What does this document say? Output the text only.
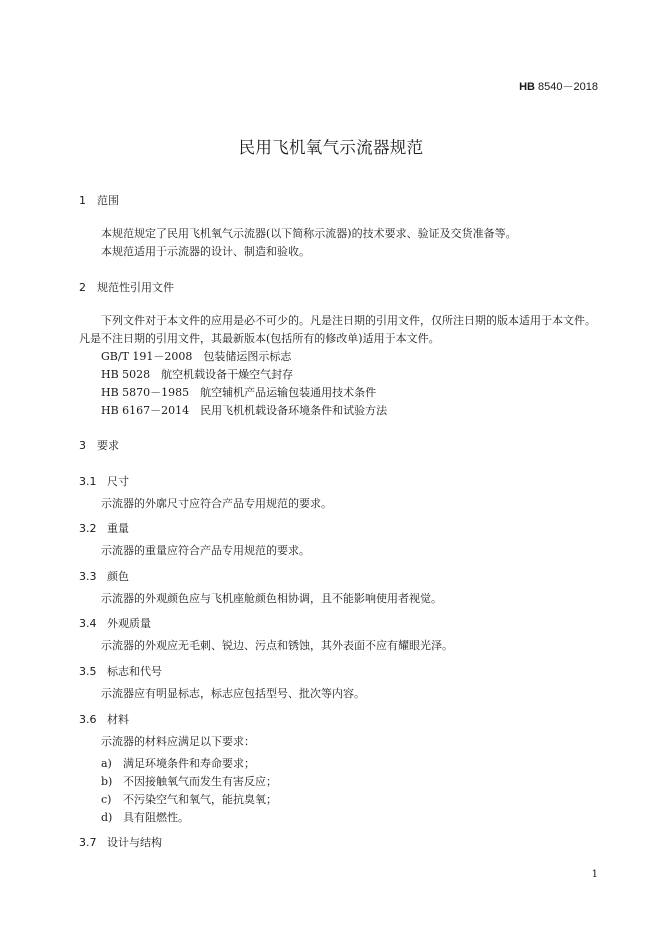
HB 8540－2018
民用飞机氧气示流器规范
1 范围

本规范规定了民用飞机氧气示流器(以下简称示流器)的技术要求、验证及交货准备等。

本规范适用于示流器的设计、制造和验收。

2 规范性引用文件

下列文件对于本文件的应用是必不可少的。凡是注日期的引用文件，仅所注日期的版本适用于本文件。凡是不注日期的引用文件，其最新版本(包括所有的修改单)适用于本文件。

GB/T 191－2008　 包装储运图示标志
HB 5028　 航空机载设备干燥空气封存
HB 5870－1985　 航空辅机产品运输包装通用技术条件
HB 6167－2014　 民用飞机机载设备环境条件和试验方法
3 要求
3.1 尺寸

示流器的外廓尺寸应符合产品专用规范的要求。

3.2 重量

示流器的重量应符合产品专用规范的要求。

3.3 颜色

示流器的外观颜色应与飞机座舱颜色相协调，且不能影响使用者视觉。

3.4 外观质量

示流器的外观应无毛刺、锐边、污点和锈蚀，其外表面不应有耀眼光泽。

3.5 标志和代号

示流器应有明显标志，标志应包括型号、批次等内容。

3.6 材料

示流器的材料应满足以下要求：

a) 满足环境条件和寿命要求；
b) 不因接触氧气而发生有害反应；
c) 不污染空气和氧气，能抗臭氧；
d) 具有阻燃性。
3.7 设计与结构
1
